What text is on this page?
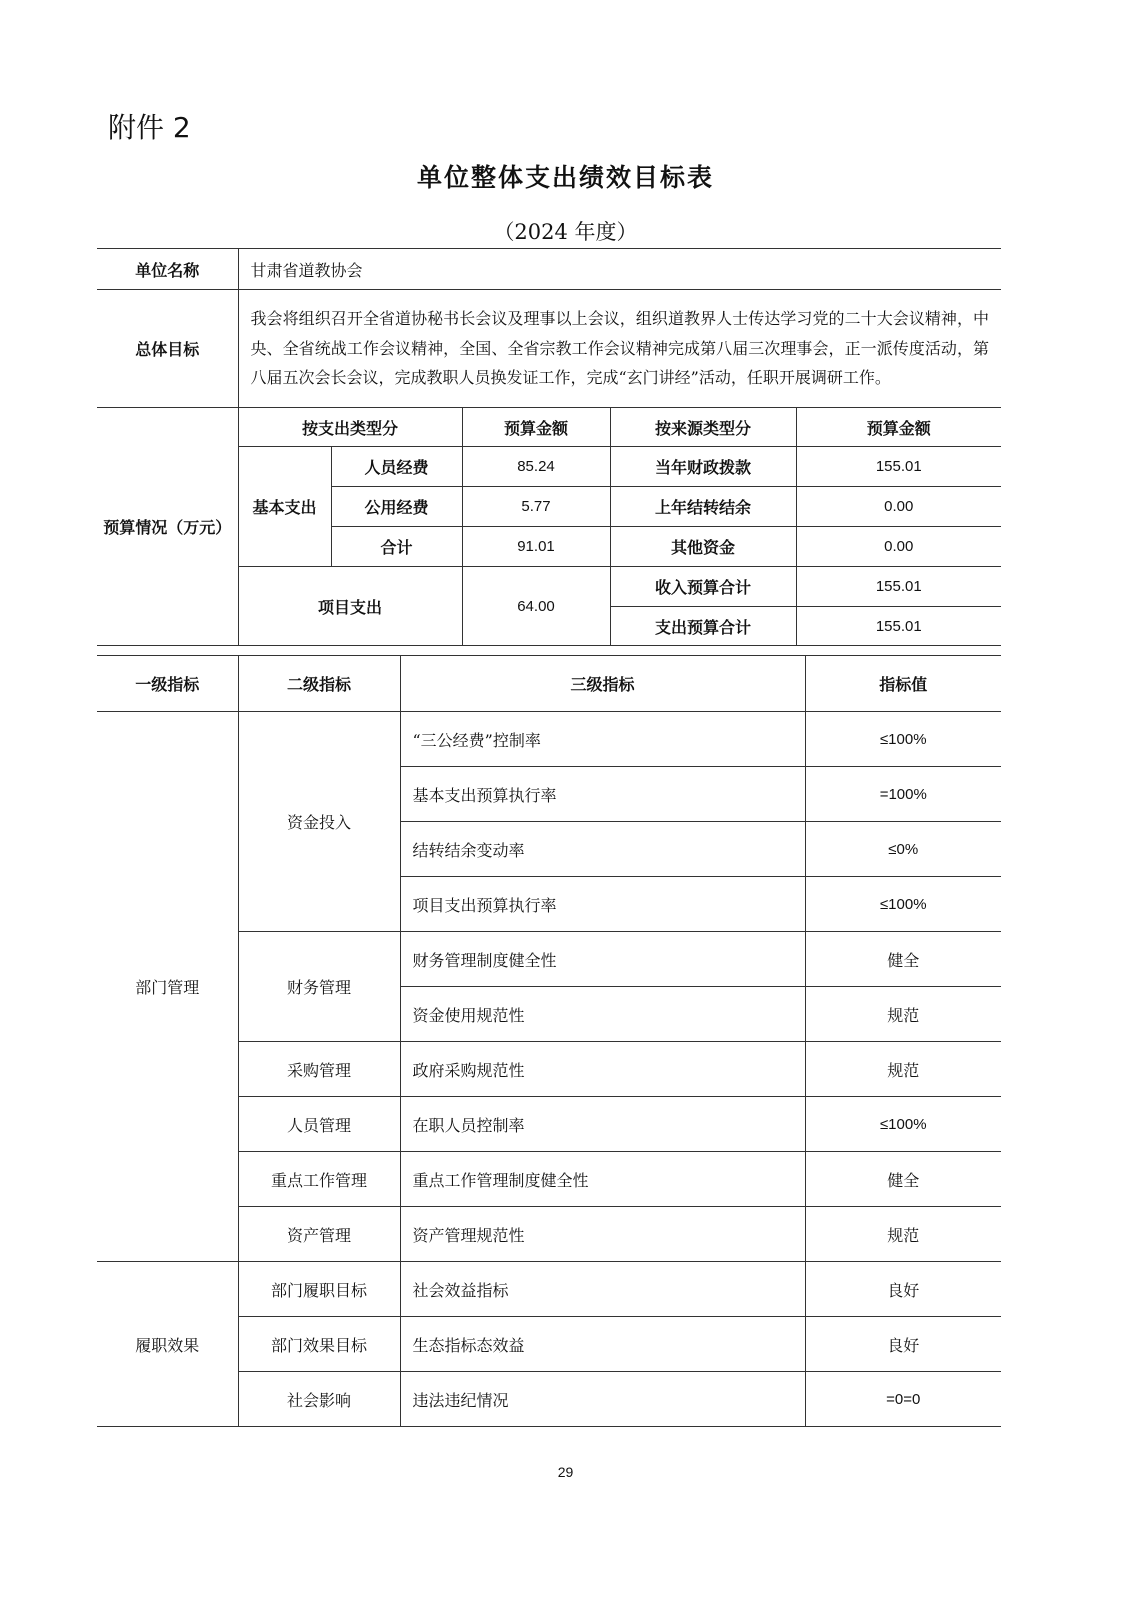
附件 2
单位整体支出绩效目标表
（2024 年度）
单位名称	甘肃省道教协会				
总体目标	我会将组织召开全省道协秘书长会议及理事以上会议，组织道教界人士传达学习党的二十大会议精神，中央、全省统战工作会议精神，全国、全省宗教工作会议精神完成第八届三次理事会，正一派传度活动，第八届五次会长会议，完成教职人员换发证工作，完成“玄门讲经”活动，任职开展调研工作。				
预算情况（万元）	按支出类型分		预算金额	按来源类型分	预算金额
	基本支出	人员经费	85.24	当年财政拨款	155.01
		公用经费	5.77	上年结转结余	0.00
		合计	91.01	其他资金	0.00
	项目支出		64.00	收入预算合计	155.01
				支出预算合计	155.01
一级指标	二级指标	三级指标	指标值
部门管理	资金投入	“三公经费”控制率	≤100%
		基本支出预算执行率	=100%
		结转结余变动率	≤0%
		项目支出预算执行率	≤100%
	财务管理	财务管理制度健全性	健全
		资金使用规范性	规范
	采购管理	政府采购规范性	规范
	人员管理	在职人员控制率	≤100%
	重点工作管理	重点工作管理制度健全性	健全
	资产管理	资产管理规范性	规范
履职效果	部门履职目标	社会效益指标	良好
	部门效果目标	生态指标态效益	良好
	社会影响	违法违纪情况	=0=0
29
